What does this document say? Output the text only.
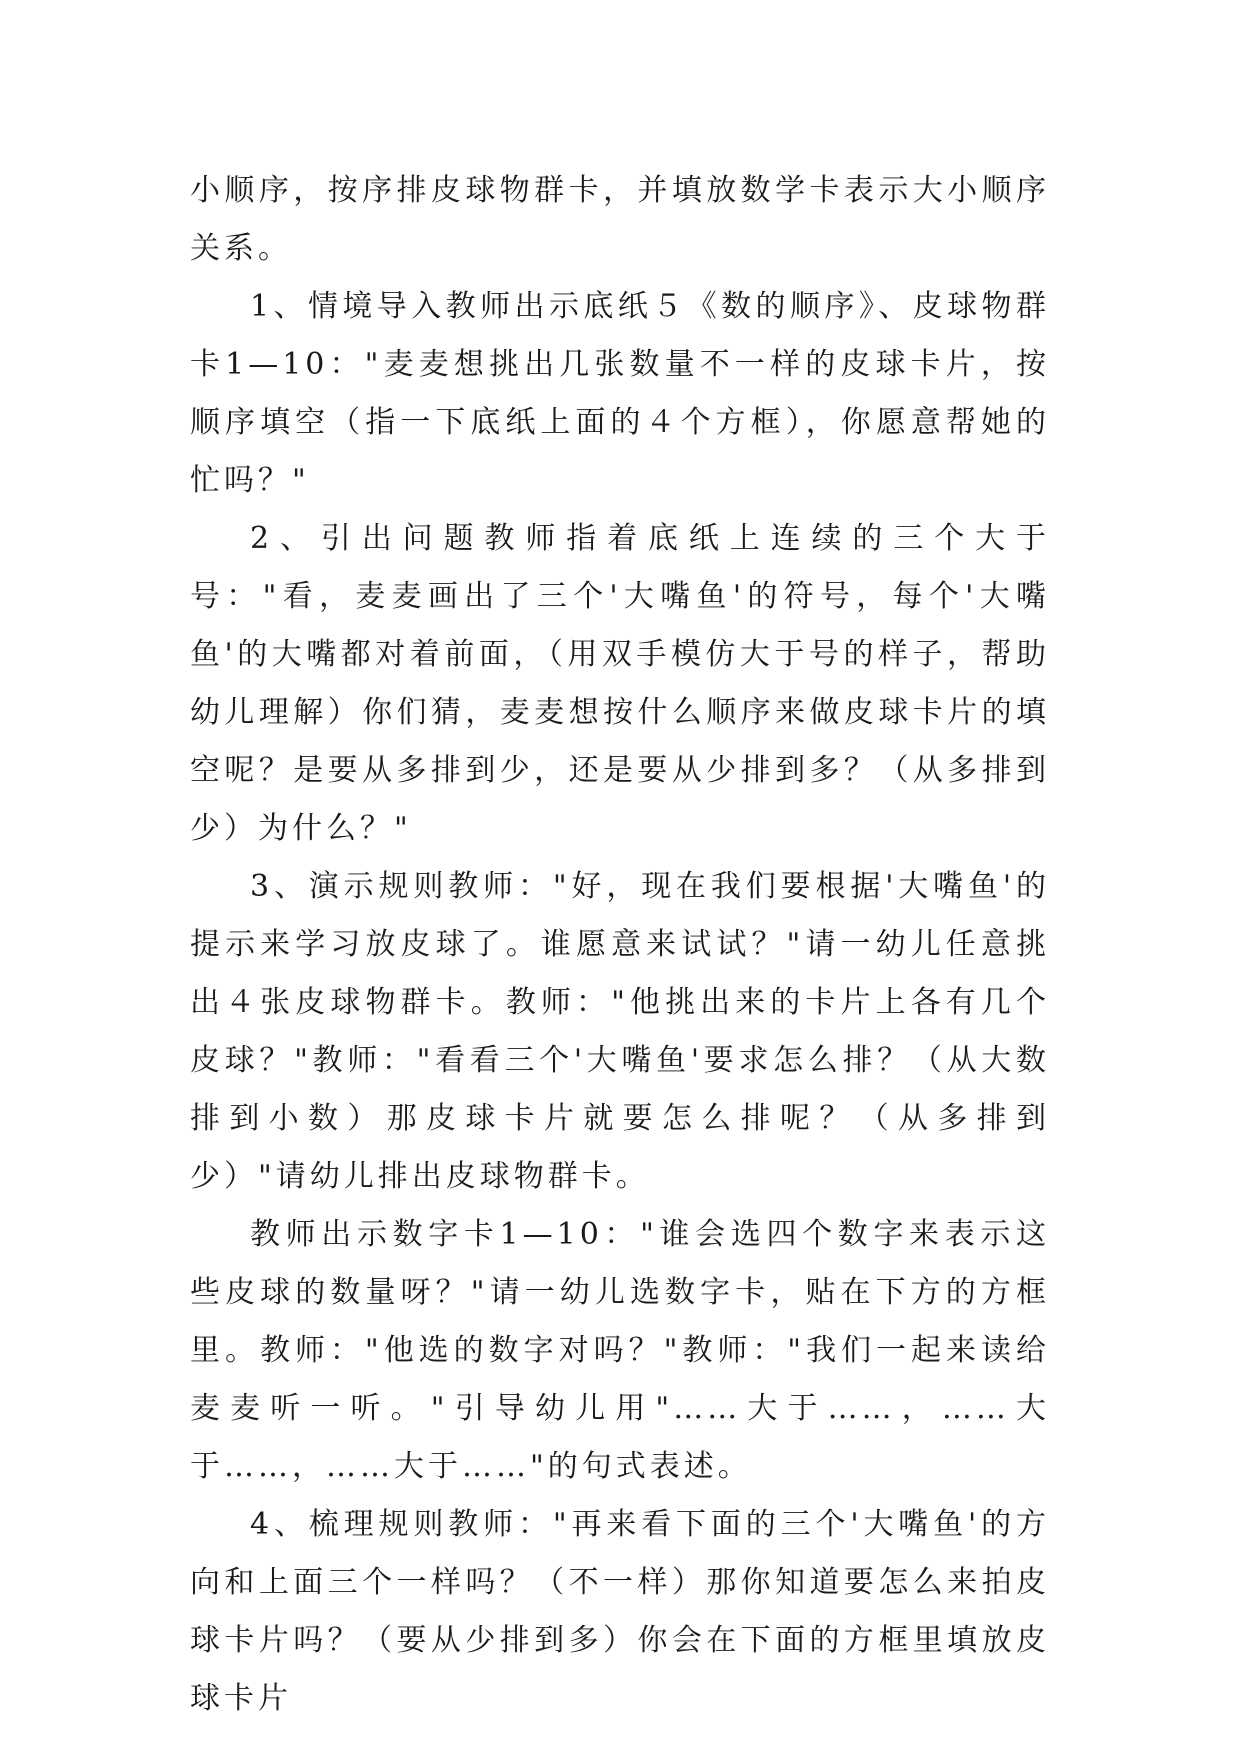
小顺序，按序排皮球物群卡，并填放数学卡表示大小顺序关系。

1、情境导入教师出示底纸５《数的顺序》、皮球物群卡1—10："麦麦想挑出几张数量不一样的皮球卡片，按顺序填空（指一下底纸上面的４个方框），你愿意帮她的忙吗？"

2、引出问题教师指着底纸上连续的三个大于号："看，麦麦画出了三个'大嘴鱼'的符号，每个'大嘴鱼'的大嘴都对着前面，（用双手模仿大于号的样子，帮助幼儿理解）你们猜，麦麦想按什么顺序来做皮球卡片的填空呢？是要从多排到少，还是要从少排到多？（从多排到少）为什么？"

3、演示规则教师："好，现在我们要根据'大嘴鱼'的提示来学习放皮球了。谁愿意来试试？"请一幼儿任意挑出４张皮球物群卡。教师："他挑出来的卡片上各有几个皮球？"教师："看看三个'大嘴鱼'要求怎么排？（从大数排到小数）那皮球卡片就要怎么排呢？（从多排到少）"请幼儿排出皮球物群卡。

教师出示数字卡1—10："谁会选四个数字来表示这些皮球的数量呀？"请一幼儿选数字卡，贴在下方的方框里。教师："他选的数字对吗？"教师："我们一起来读给麦麦听一听。"引导幼儿用"……大于……，……大于……，……大于……"的句式表述。

4、梳理规则教师："再来看下面的三个'大嘴鱼'的方向和上面三个一样吗？（不一样）那你知道要怎么来拍皮球卡片吗？（要从少排到多）你会在下面的方框里填放皮球卡片
